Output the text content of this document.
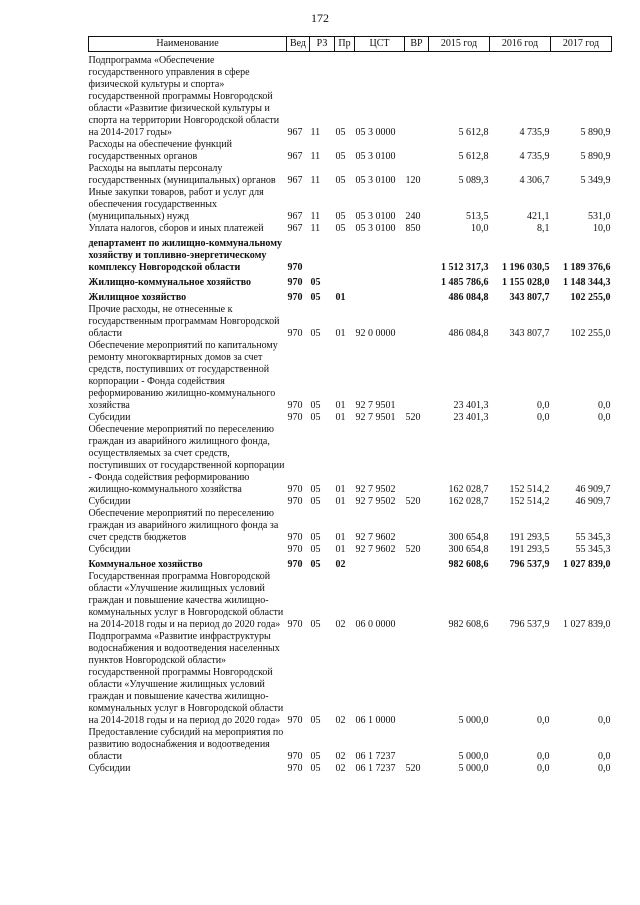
172
Наименование	Вед	РЗ	Пр	ЦСТ	ВР	2015 год	2016 год	2017 год
Подпрограмма «Обеспечение государственного управления в сфере физической культуры и спорта» государственной программы Новгородской области «Развитие физической культуры и спорта на территории Новгородской области на 2014-2017 годы»	967	11	05	05 3 0000		5 612,8	4 735,9	5 890,9
Расходы на обеспечение функций государственных органов	967	11	05	05 3 0100		5 612,8	4 735,9	5 890,9
Расходы на выплаты персоналу государственных (муниципальных) органов	967	11	05	05 3 0100	120	5 089,3	4 306,7	5 349,9
Иные закупки товаров, работ и услуг для обеспечения государственных (муниципальных) нужд	967	11	05	05 3 0100	240	513,5	421,1	531,0
Уплата налогов, сборов и иных платежей	967	11	05	05 3 0100	850	10,0	8,1	10,0
департамент по жилищно-коммунальному хозяйству и топливно-энергетическому комплексу Новгородской области	970					1 512 317,3	1 196 030,5	1 189 376,6
Жилищно-коммунальное хозяйство	970	05				1 485 786,6	1 155 028,0	1 148 344,3
Жилищное хозяйство	970	05	01			486 084,8	343 807,7	102 255,0
Прочие расходы, не отнесенные к государственным программам Новгородской области	970	05	01	92 0 0000		486 084,8	343 807,7	102 255,0
Обеспечение мероприятий по капитальному ремонту многоквартирных домов за счет средств, поступивших от государственной корпорации - Фонда содействия реформированию жилищно-коммунального хозяйства	970	05	01	92 7 9501		23 401,3	0,0	0,0
Субсидии	970	05	01	92 7 9501	520	23 401,3	0,0	0,0
Обеспечение мероприятий по переселению граждан из аварийного жилищного фонда, осуществляемых за счет средств, поступивших от государственной корпорации - Фонда содействия реформированию жилищно-коммунального хозяйства	970	05	01	92 7 9502		162 028,7	152 514,2	46 909,7
Субсидии	970	05	01	92 7 9502	520	162 028,7	152 514,2	46 909,7
Обеспечение мероприятий по переселению граждан из аварийного жилищного фонда за счет средств бюджетов	970	05	01	92 7 9602		300 654,8	191 293,5	55 345,3
Субсидии	970	05	01	92 7 9602	520	300 654,8	191 293,5	55 345,3
Коммунальное хозяйство	970	05	02			982 608,6	796 537,9	1 027 839,0
Государственная программа Новгородской области «Улучшение жилищных условий граждан и повышение качества жилищно-коммунальных услуг в Новгородской области на 2014-2018 годы и на период до 2020 года»	970	05	02	06 0 0000		982 608,6	796 537,9	1 027 839,0
Подпрограмма «Развитие инфраструктуры водоснабжения и водоотведения населенных пунктов Новгородской области» государственной программы Новгородской области «Улучшение жилищных условий граждан и повышение качества жилищно-коммунальных услуг в Новгородской области на 2014-2018 годы и на период до 2020 года»	970	05	02	06 1 0000		5 000,0	0,0	0,0
Предоставление субсидий на мероприятия по развитию водоснабжения и водоотведения области	970	05	02	06 1 7237		5 000,0	0,0	0,0
Субсидии	970	05	02	06 1 7237	520	5 000,0	0,0	0,0
